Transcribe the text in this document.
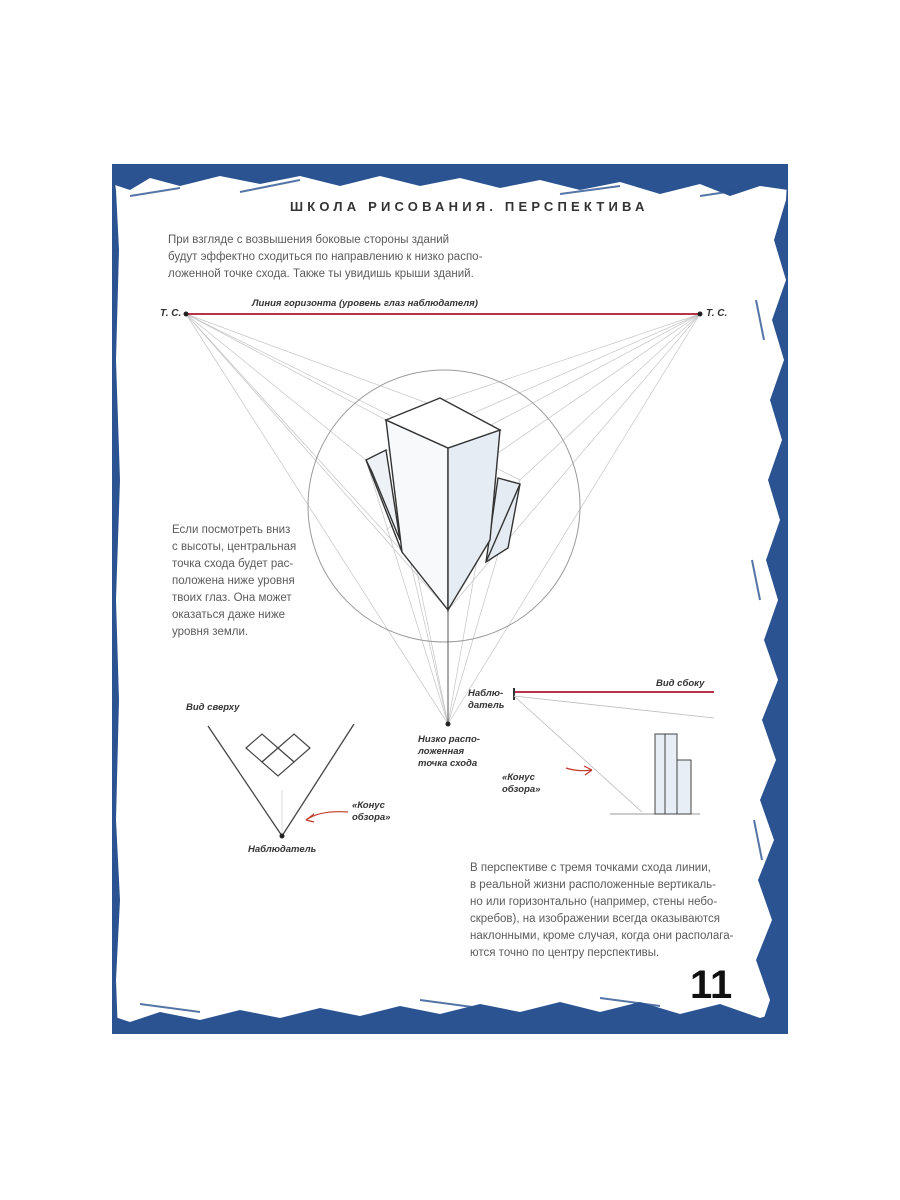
ШКОЛА РИСОВАНИЯ. ПЕРСПЕКТИВА
При взгляде с возвышения боковые стороны зданий
будут эффектно сходиться по направлению к низко распо-
ложенной точке схода. Также ты увидишь крыши зданий.
Линия горизонта (уровень глаз наблюдателя)
Т. С.	Т. С.
Низко распо-
ложенная
точка схода
Если посмотреть вниз
с высоты, центральная
точка схода будет рас-
положена ниже уровня
твоих глаз. Она может
оказаться даже ниже
уровня земли.
Вид сверху
«Конус
обзора»
Наблюдатель
Вид сбоку
Наблю-
датель
«Конус
обзора»
В перспективе с тремя точками схода линии,
в реальной жизни расположенные вертикаль-
но или горизонтально (например, стены небо-
скребов), на изображении всегда оказываются
наклонными, кроме случая, когда они располага-
ются точно по центру перспективы.
11
